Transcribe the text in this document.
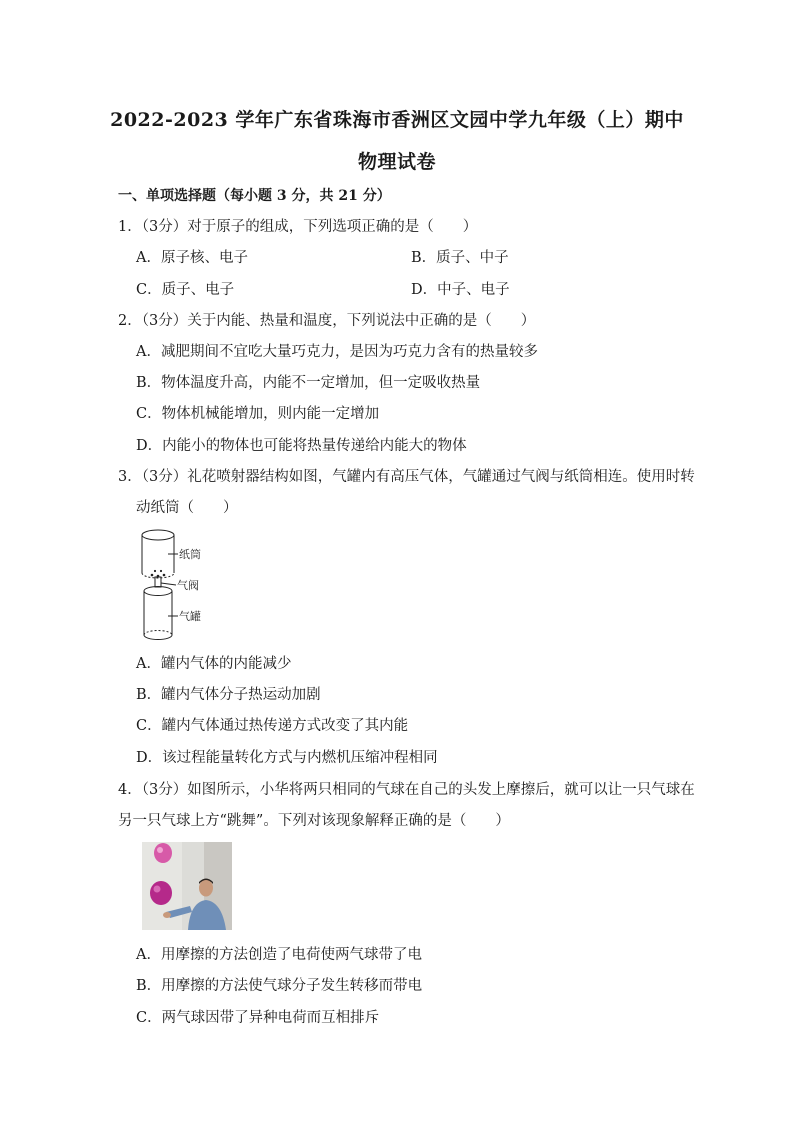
2022-2023 学年广东省珠海市香洲区文园中学九年级（上）期中
物理试卷
一、单项选择题（每小题 3 分，共 21 分）
1．（3分）对于原子的组成，下列选项正确的是（　　）
A．原子核、电子	B．质子、中子
C．质子、电子	D．中子、电子
2．（3分）关于内能、热量和温度，下列说法中正确的是（　　）
A．减肥期间不宜吃大量巧克力，是因为巧克力含有的热量较多
B．物体温度升高，内能不一定增加，但一定吸收热量
C．物体机械能增加，则内能一定增加
D．内能小的物体也可能将热量传递给内能大的物体
3．（3分）礼花喷射器结构如图，气罐内有高压气体，气罐通过气阀与纸筒相连。使用时转
动纸筒（　　）
纸筒
气阀
气罐
A．罐内气体的内能减少
B．罐内气体分子热运动加剧
C．罐内气体通过热传递方式改变了其内能
D．该过程能量转化方式与内燃机压缩冲程相同
4．（3分）如图所示，小华将两只相同的气球在自己的头发上摩擦后，就可以让一只气球在
另一只气球上方“跳舞”。下列对该现象解释正确的是（　　）
A．用摩擦的方法创造了电荷使两气球带了电
B．用摩擦的方法使气球分子发生转移而带电
C．两气球因带了异种电荷而互相排斥
